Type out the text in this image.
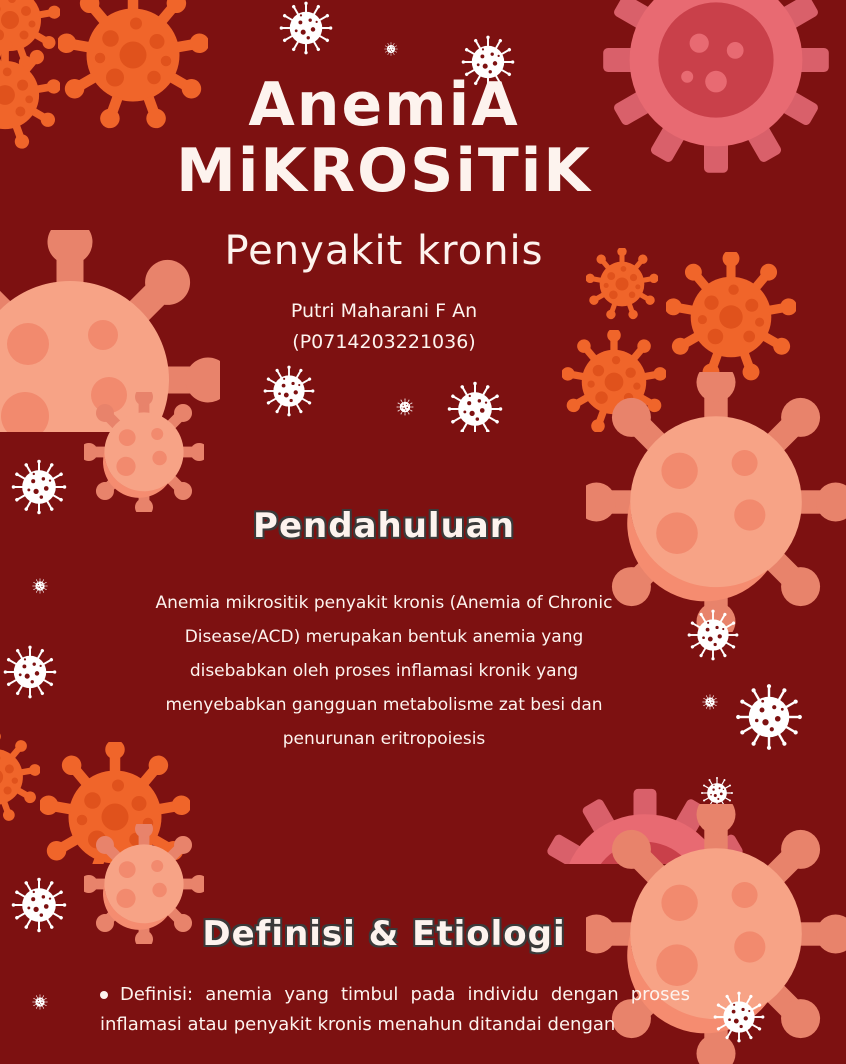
AnemiA
MiKROSiTiK
Penyakit kronis
Putri Maharani F An
(P0714203221036)
Pendahuluan
Anemia mikrositik penyakit kronis (Anemia of Chronic Disease/ACD) merupakan bentuk anemia yang disebabkan oleh proses inflamasi kronik yang menyebabkan gangguan metabolisme zat besi dan penurunan eritropoiesis
Definisi & Etiologi
Definisi: anemia yang timbul pada individu dengan proses inflamasi atau penyakit kronis menahun ditandai dengan
